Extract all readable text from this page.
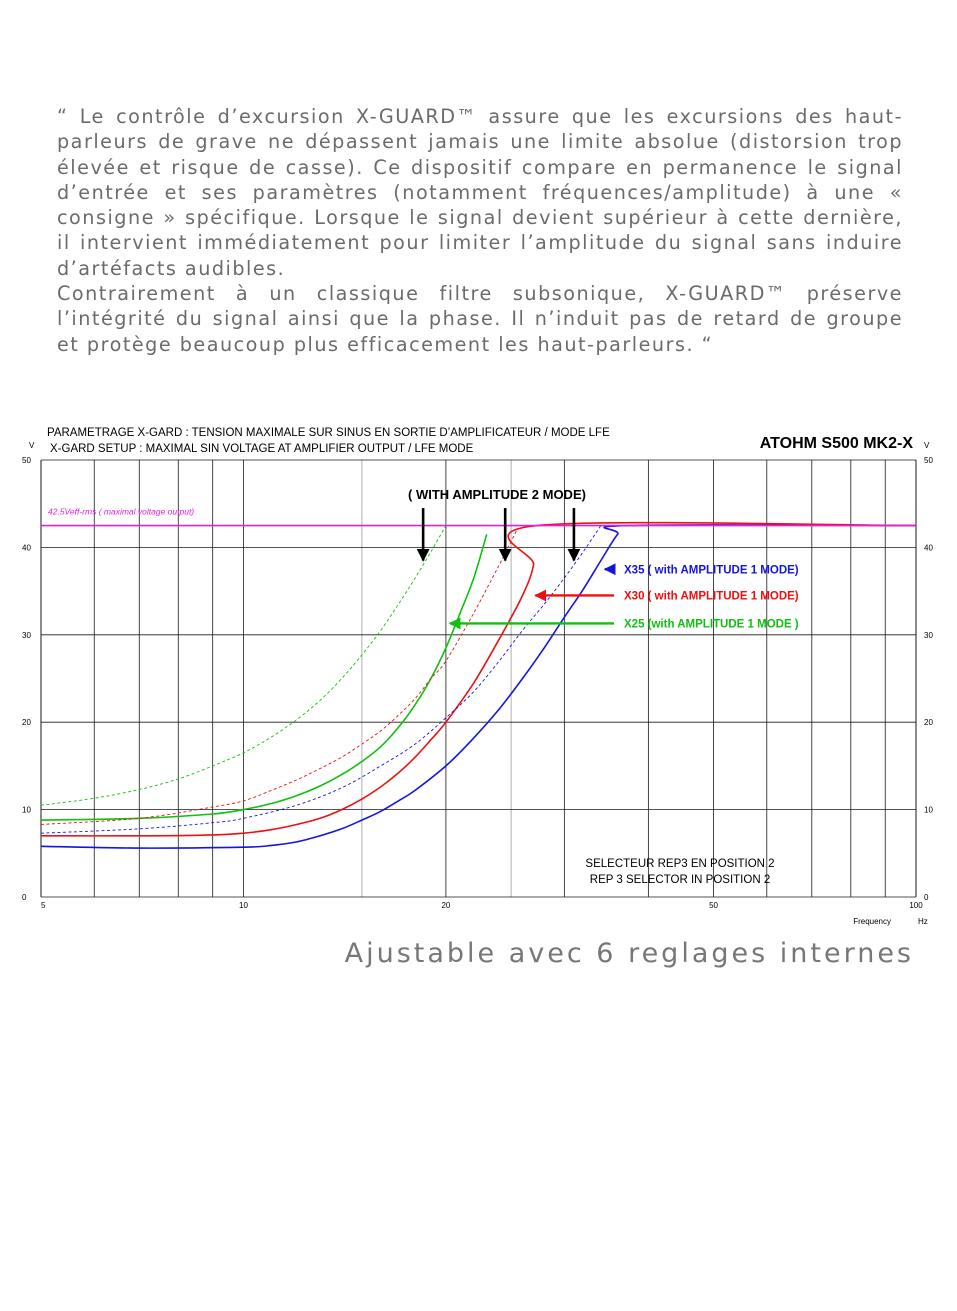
“ Le contrôle d’excursion X-GUARD™ assure que les excursions des haut-parleurs de grave ne dépassent jamais une limite absolue (distorsion trop élevée et risque de casse). Ce dispositif compare en permanence le signal d’entrée et ses paramètres (notamment fréquences/amplitude) à une « consigne » spécifique. Lorsque le signal devient supérieur à cette dernière, il intervient immédiatement pour limiter l’amplitude du signal sans induire d’artéfacts audibles.

Contrairement à un classique filtre subsonique, X-GUARD™ préserve l’intégrité du signal ainsi que la phase. Il n’induit pas de retard de groupe et protège beaucoup plus efficacement les haut-parleurs. “

0	0
10	10
20	20
30	30
40	40
50	50
5	10	20	50	100
42.5Veff-rms ( maximal voltage output)
X35 ( with AMPLITUDE 1 MODE)
X30 ( with AMPLITUDE 1 MODE)
X25 (with AMPLITUDE 1 MODE )
PARAMETRAGE X-GARD : TENSION MAXIMALE SUR SINUS EN SORTIE D’AMPLIFICATEUR / MODE LFE
X-GARD SETUP : MAXIMAL SIN VOLTAGE AT AMPLIFIER OUTPUT / LFE MODE	ATOHM S500 MK2-X
V	V
Frequency	Hz
( WITH AMPLITUDE 2 MODE)
SELECTEUR REP3 EN POSITION 2
REP 3 SELECTOR IN POSITION 2

Ajustable avec 6 reglages internes
